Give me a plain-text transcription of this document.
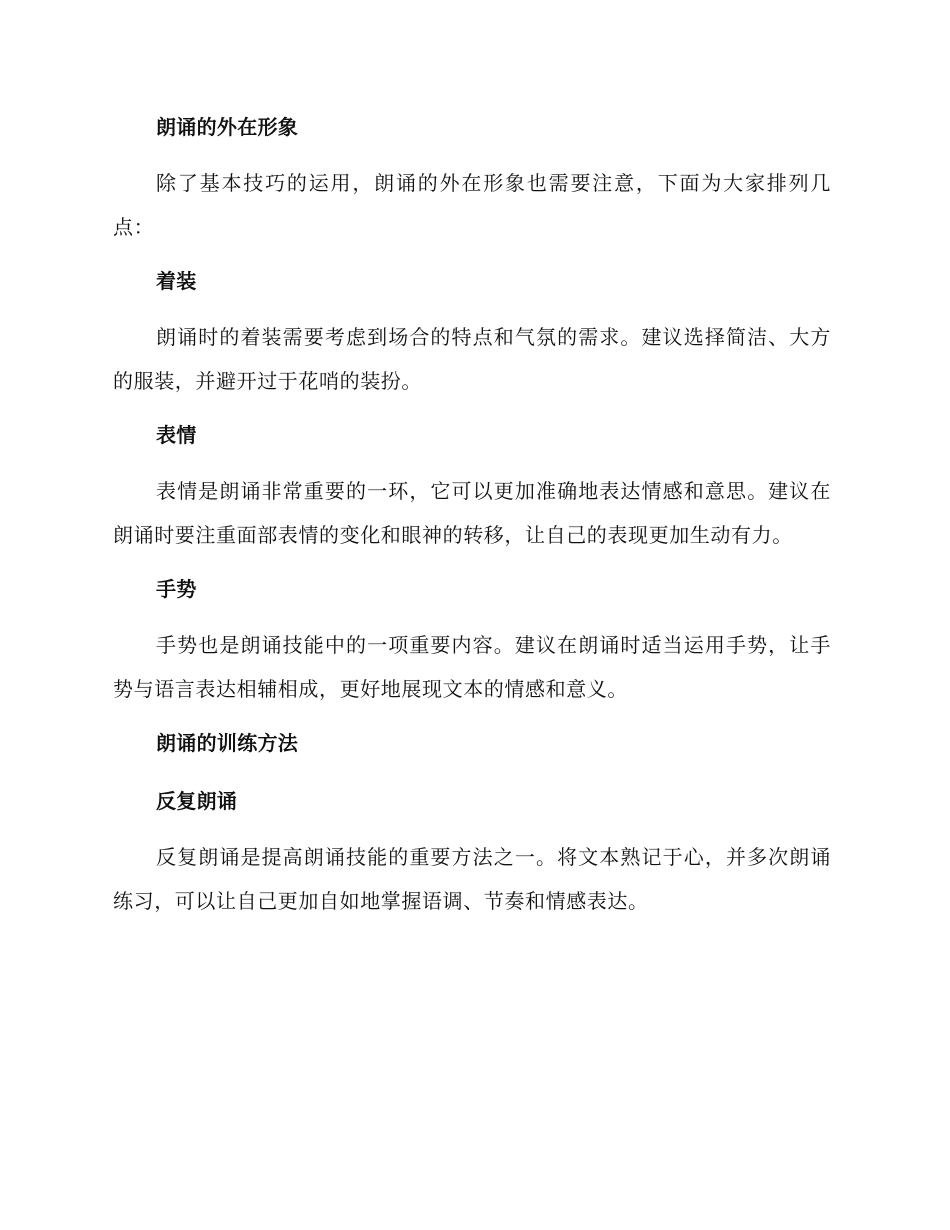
朗诵的外在形象

除了基本技巧的运用，朗诵的外在形象也需要注意，下面为大家排列几点：

着装

朗诵时的着装需要考虑到场合的特点和气氛的需求。建议选择简洁、大方的服装，并避开过于花哨的装扮。

表情

表情是朗诵非常重要的一环，它可以更加准确地表达情感和意思。建议在朗诵时要注重面部表情的变化和眼神的转移，让自己的表现更加生动有力。

手势

手势也是朗诵技能中的一项重要内容。建议在朗诵时适当运用手势，让手势与语言表达相辅相成，更好地展现文本的情感和意义。

朗诵的训练方法
反复朗诵

反复朗诵是提高朗诵技能的重要方法之一。将文本熟记于心，并多次朗诵练习，可以让自己更加自如地掌握语调、节奏和情感表达。
